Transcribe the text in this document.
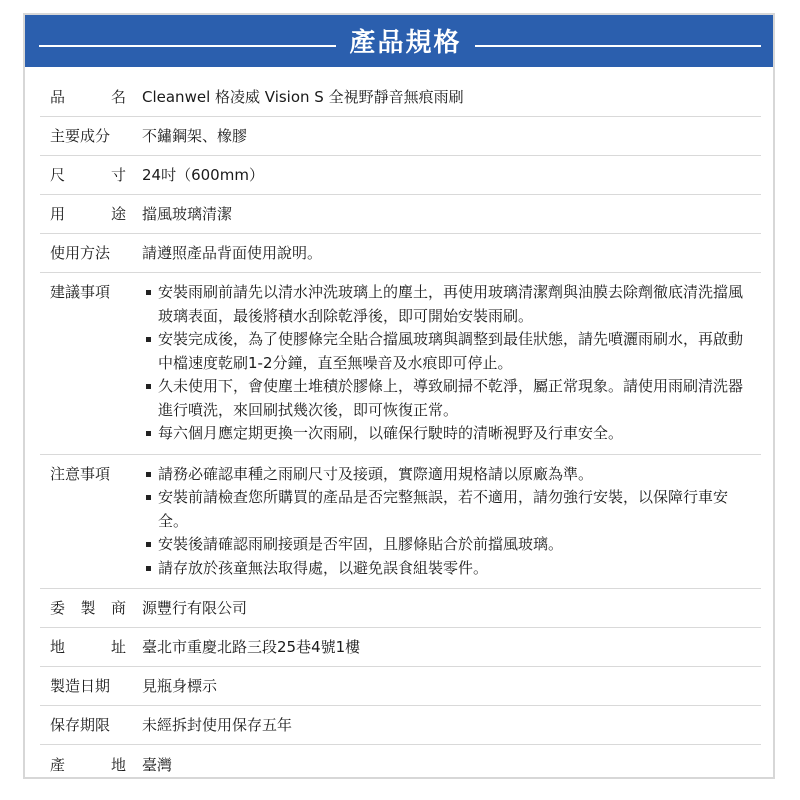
產品規格
品	名	Cleanwel 格凌威 Vision S 全視野靜音無痕雨刷
主要成分	不鏽鋼架、橡膠
尺	寸	24吋（600mm）
用	途	擋風玻璃清潔
使用方法	請遵照產品背面使用說明。
建議事項	安裝雨刷前請先以清水沖洗玻璃上的塵土，再使用玻璃清潔劑與油膜去除劑徹底清洗擋風玻璃表面，最後將積水刮除乾淨後，即可開始安裝雨刷。
安裝完成後，為了使膠條完全貼合擋風玻璃與調整到最佳狀態，請先噴灑雨刷水，再啟動中檔速度乾刷1-2分鐘，直至無噪音及水痕即可停止。
久未使用下，會使塵土堆積於膠條上，導致刷掃不乾淨，屬正常現象。請使用雨刷清洗器進行噴洗，來回刷拭幾次後，即可恢復正常。
每六個月應定期更換一次雨刷，以確保行駛時的清晰視野及行車安全。
注意事項	請務必確認車種之雨刷尺寸及接頭，實際適用規格請以原廠為準。
安裝前請檢查您所購買的產品是否完整無誤，若不適用，請勿強行安裝，以保障行車安全。
安裝後請確認雨刷接頭是否牢固，且膠條貼合於前擋風玻璃。
請存放於孩童無法取得處，以避免誤食組裝零件。
委 製 商	源豐行有限公司
地	址	臺北市重慶北路三段25巷4號1樓
製造日期	見瓶身標示
保存期限	未經拆封使用保存五年
產	地	臺灣
